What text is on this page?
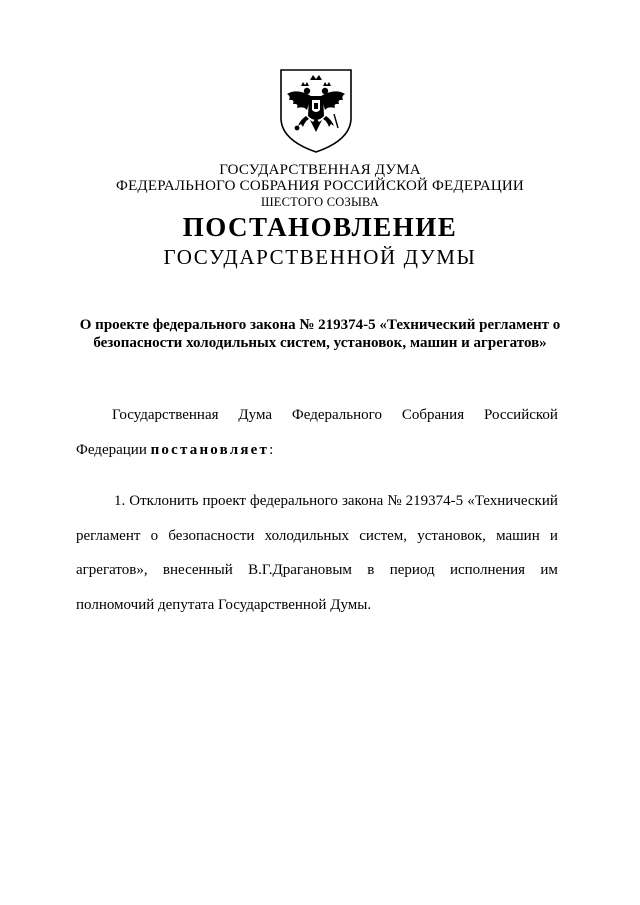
ГОСУДАРСТВЕННАЯ ДУМА
ФЕДЕРАЛЬНОГО СОБРАНИЯ РОССИЙСКОЙ ФЕДЕРАЦИИ
ШЕСТОГО СОЗЫВА
ПОСТАНОВЛЕНИЕ
ГОСУДАРСТВЕННОЙ ДУМЫ
О проекте федерального закона № 219374-5 «Технический регламент о
безопасности холодильных систем, установок, машин и агрегатов»
Государственная Дума Федерального Собрания Российской
Федерации постановляет:
1. Отклонить проект федерального закона № 219374-5 «Технический
регламент о безопасности холодильных систем, установок, машин и
агрегатов», внесенный В.Г.Драгановым в период исполнения им
полномочий депутата Государственной Думы.
